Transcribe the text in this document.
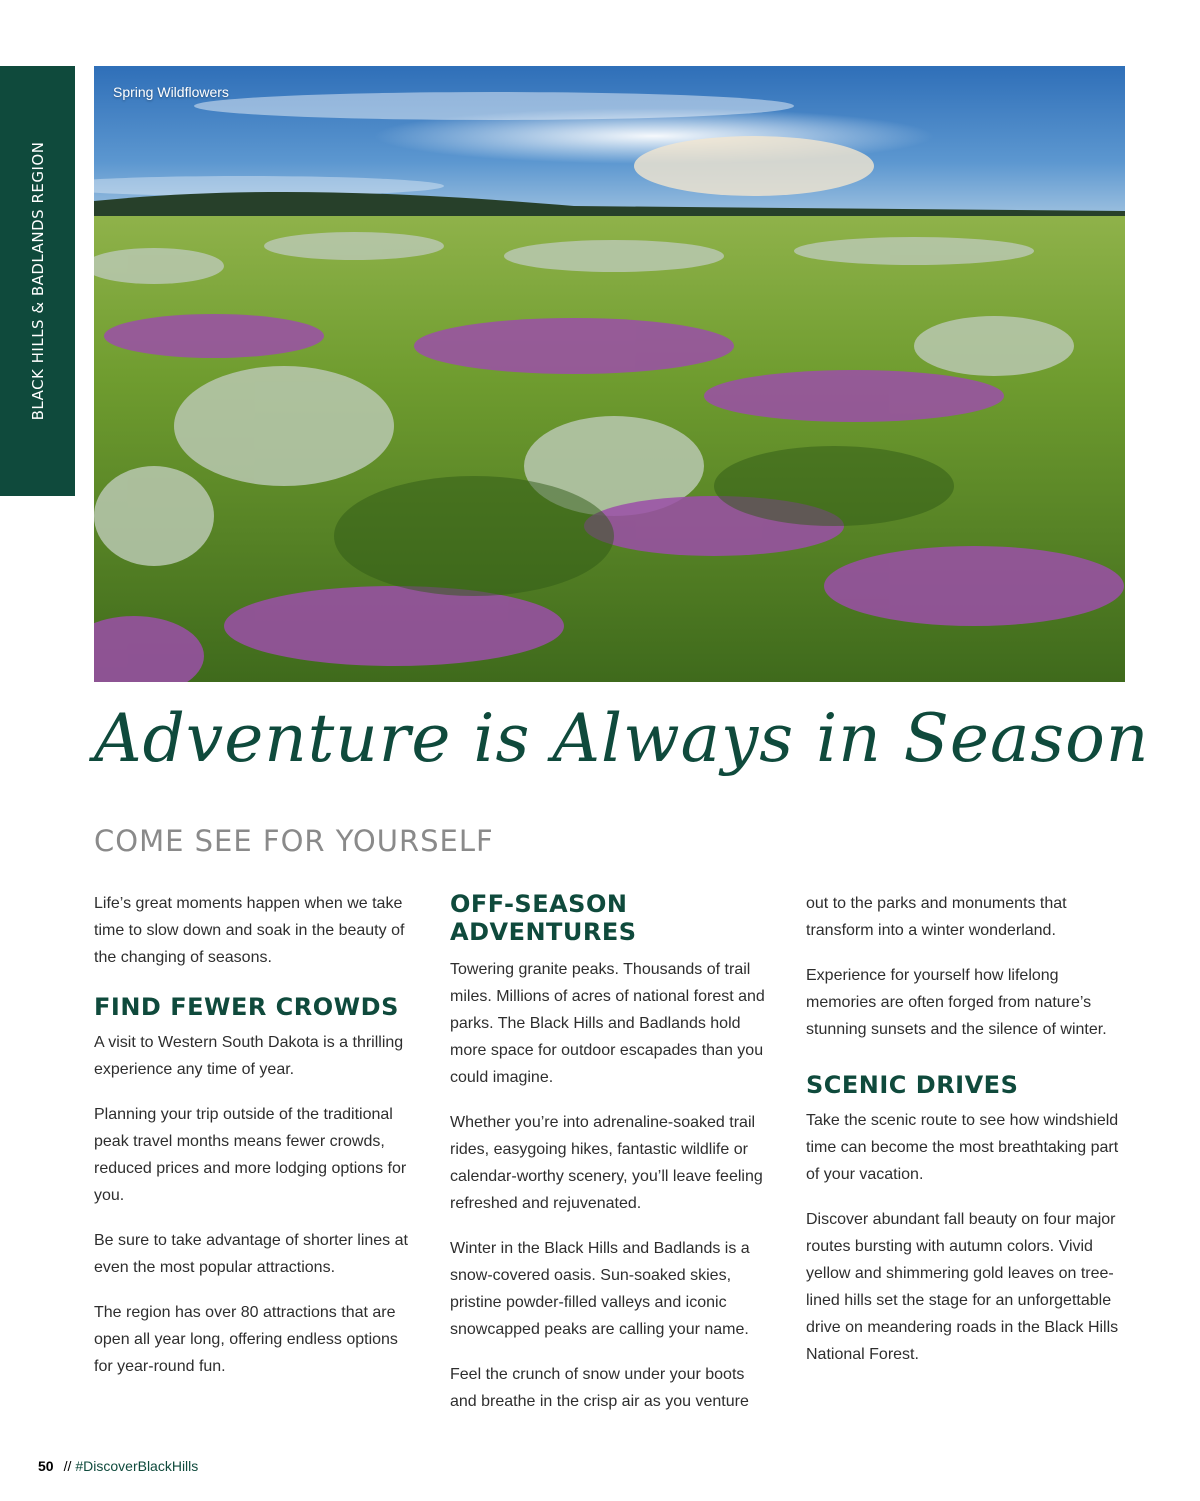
BLACK HILLS & BADLANDS REGION
Spring Wildflowers
Adventure is Always in Season
COME SEE FOR YOURSELF

Life’s great moments happen when we take time to slow down and soak in the beauty of the changing of seasons.

FIND FEWER CROWDS

A visit to Western South Dakota is a thrilling experience any time of year.

Planning your trip outside of the traditional peak travel months means fewer crowds, reduced prices and more lodging options for you.

Be sure to take advantage of shorter lines at even the most popular attractions.

The region has over 80 attractions that are open all year long, offering endless options for year-round fun.

OFF-SEASON ADVENTURES

Towering granite peaks. Thousands of trail miles. Millions of acres of national forest and parks. The Black Hills and Badlands hold more space for outdoor escapades than you could imagine.

Whether you’re into adrenaline-soaked trail rides, easygoing hikes, fantastic wildlife or calendar-worthy scenery, you’ll leave feeling refreshed and rejuvenated.

Winter in the Black Hills and Badlands is a snow-covered oasis. Sun-soaked skies, pristine powder-filled valleys and iconic snowcapped peaks are calling your name.

Feel the crunch of snow under your boots and breathe in the crisp air as you venture

out to the parks and monuments that transform into a winter wonderland.

Experience for yourself how lifelong memories are often forged from nature’s stunning sunsets and the silence of winter.

SCENIC DRIVES

Take the scenic route to see how windshield time can become the most breathtaking part of your vacation.

Discover abundant fall beauty on four major routes bursting with autumn colors. Vivid yellow and shimmering gold leaves on tree-lined hills set the stage for an unforgettable drive on meandering roads in the Black Hills National Forest.

50 // #DiscoverBlackHills
